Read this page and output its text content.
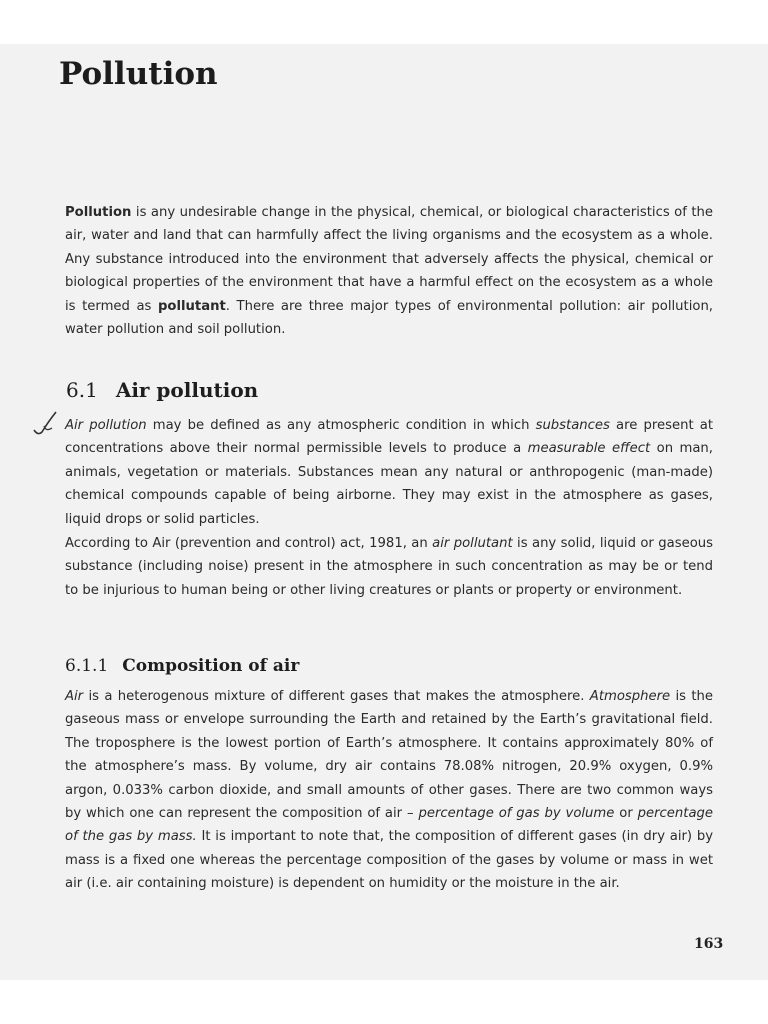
Pollution

Pollution is any undesirable change in the physical, chemical, or biological characteristics of the air, water and land that can harmfully affect the living organisms and the ecosystem as a whole. Any substance introduced into the environment that adversely affects the physical, chemical or biological properties of the environment that have a harmful effect on the ecosystem as a whole is termed as pollutant. There are three major types of environmental pollution: air pollution, water pollution and soil pollution.

6.1 Air pollution

Air pollution may be defined as any atmospheric condition in which substances are present at concentrations above their normal permissible levels to produce a measurable effect on man, animals, vegetation or materials. Substances mean any natural or anthropogenic (man-made) chemical compounds capable of being airborne. They may exist in the atmosphere as gases, liquid drops or solid particles.

According to Air (prevention and control) act, 1981, an air pollutant is any solid, liquid or gaseous substance (including noise) present in the atmosphere in such concentration as may be or tend to be injurious to human being or other living creatures or plants or property or environment.

6.1.1 Composition of air

Air is a heterogenous mixture of different gases that makes the atmosphere. Atmosphere is the gaseous mass or envelope surrounding the Earth and retained by the Earth’s gravitational field. The troposphere is the lowest portion of Earth’s atmosphere. It contains approximately 80% of the atmosphere’s mass. By volume, dry air contains 78.08% nitrogen, 20.9% oxygen, 0.9% argon, 0.033% carbon dioxide, and small amounts of other gases. There are two common ways by which one can represent the composition of air – percentage of gas by volume or percentage of the gas by mass. It is important to note that, the composition of different gases (in dry air) by mass is a fixed one whereas the percentage composition of the gases by volume or mass in wet air (i.e. air containing moisture) is dependent on humidity or the moisture in the air.

163
